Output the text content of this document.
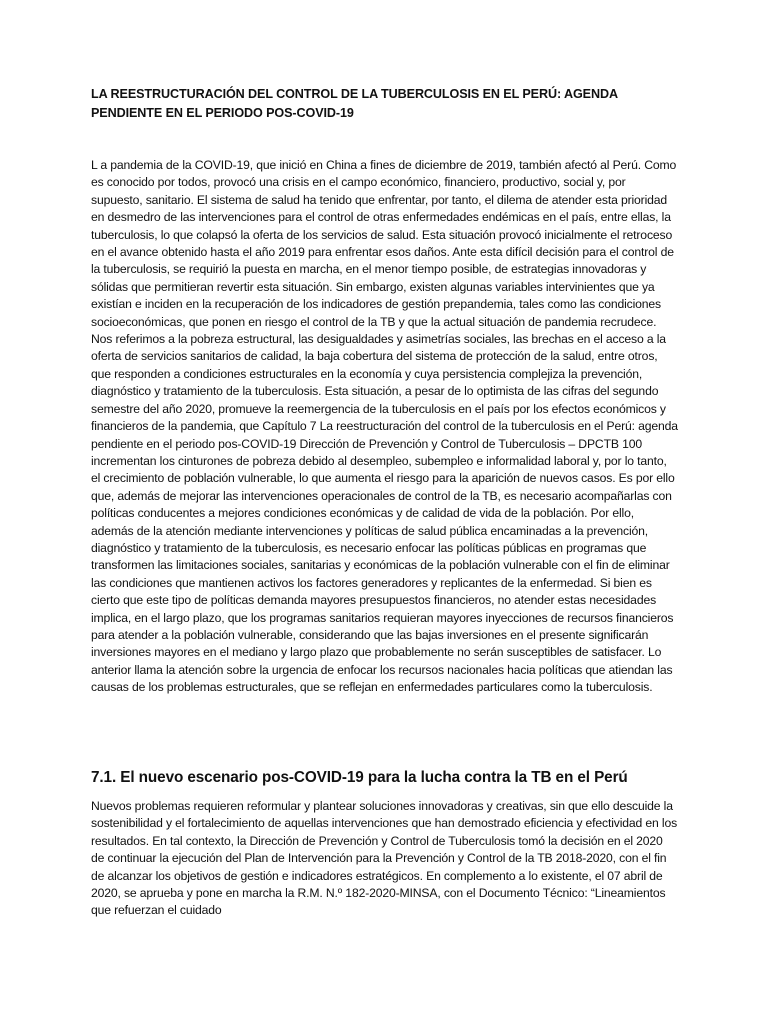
LA REESTRUCTURACIÓN DEL CONTROL DE LA TUBERCULOSIS EN EL PERÚ: AGENDA PENDIENTE EN EL PERIODO POS-COVID-19

L a pandemia de la COVID-19, que inició en China a fines de diciembre de 2019, también afectó al Perú. Como es conocido por todos, provocó una crisis en el campo económico, financiero, productivo, social y, por supuesto, sanitario. El sistema de salud ha tenido que enfrentar, por tanto, el dilema de atender esta prioridad en desmedro de las intervenciones para el control de otras enfermedades endémicas en el país, entre ellas, la tuberculosis, lo que colapsó la oferta de los servicios de salud. Esta situación provocó inicialmente el retroceso en el avance obtenido hasta el año 2019 para enfrentar esos daños. Ante esta difícil decisión para el control de la tuberculosis, se requirió la puesta en marcha, en el menor tiempo posible, de estrategias innovadoras y sólidas que permitieran revertir esta situación. Sin embargo, existen algunas variables intervinientes que ya existían e inciden en la recuperación de los indicadores de gestión prepandemia, tales como las condiciones socioeconómicas, que ponen en riesgo el control de la TB y que la actual situación de pandemia recrudece. Nos referimos a la pobreza estructural, las desigualdades y asimetrías sociales, las brechas en el acceso a la oferta de servicios sanitarios de calidad, la baja cobertura del sistema de protección de la salud, entre otros, que responden a condiciones estructurales en la economía y cuya persistencia complejiza la prevención, diagnóstico y tratamiento de la tuberculosis. Esta situación, a pesar de lo optimista de las cifras del segundo semestre del año 2020, promueve la reemergencia de la tuberculosis en el país por los efectos económicos y financieros de la pandemia, que Capítulo 7 La reestructuración del control de la tuberculosis en el Perú: agenda pendiente en el periodo pos-COVID-19 Dirección de Prevención y Control de Tuberculosis – DPCTB 100 incrementan los cinturones de pobreza debido al desempleo, subempleo e informalidad laboral y, por lo tanto, el crecimiento de población vulnerable, lo que aumenta el riesgo para la aparición de nuevos casos. Es por ello que, además de mejorar las intervenciones operacionales de control de la TB, es necesario acompañarlas con políticas conducentes a mejores condiciones económicas y de calidad de vida de la población. Por ello, además de la atención mediante intervenciones y políticas de salud pública encaminadas a la prevención, diagnóstico y tratamiento de la tuberculosis, es necesario enfocar las políticas públicas en programas que transformen las limitaciones sociales, sanitarias y económicas de la población vulnerable con el fin de eliminar las condiciones que mantienen activos los factores generadores y replicantes de la enfermedad. Si bien es cierto que este tipo de políticas demanda mayores presupuestos financieros, no atender estas necesidades implica, en el largo plazo, que los programas sanitarios requieran mayores inyecciones de recursos financieros para atender a la población vulnerable, considerando que las bajas inversiones en el presente significarán inversiones mayores en el mediano y largo plazo que probablemente no serán susceptibles de satisfacer. Lo anterior llama la atención sobre la urgencia de enfocar los recursos nacionales hacia políticas que atiendan las causas de los problemas estructurales, que se reflejan en enfermedades particulares como la tuberculosis.

7.1. El nuevo escenario pos-COVID-19 para la lucha contra la TB en el Perú

Nuevos problemas requieren reformular y plantear soluciones innovadoras y creativas, sin que ello descuide la sostenibilidad y el fortalecimiento de aquellas intervenciones que han demostrado eficiencia y efectividad en los resultados. En tal contexto, la Dirección de Prevención y Control de Tuberculosis tomó la decisión en el 2020 de continuar la ejecución del Plan de Intervención para la Prevención y Control de la TB 2018-2020, con el fin de alcanzar los objetivos de gestión e indicadores estratégicos. En complemento a lo existente, el 07 abril de 2020, se aprueba y pone en marcha la R.M. N.º 182-2020-MINSA, con el Documento Técnico: “Lineamientos que refuerzan el cuidado
